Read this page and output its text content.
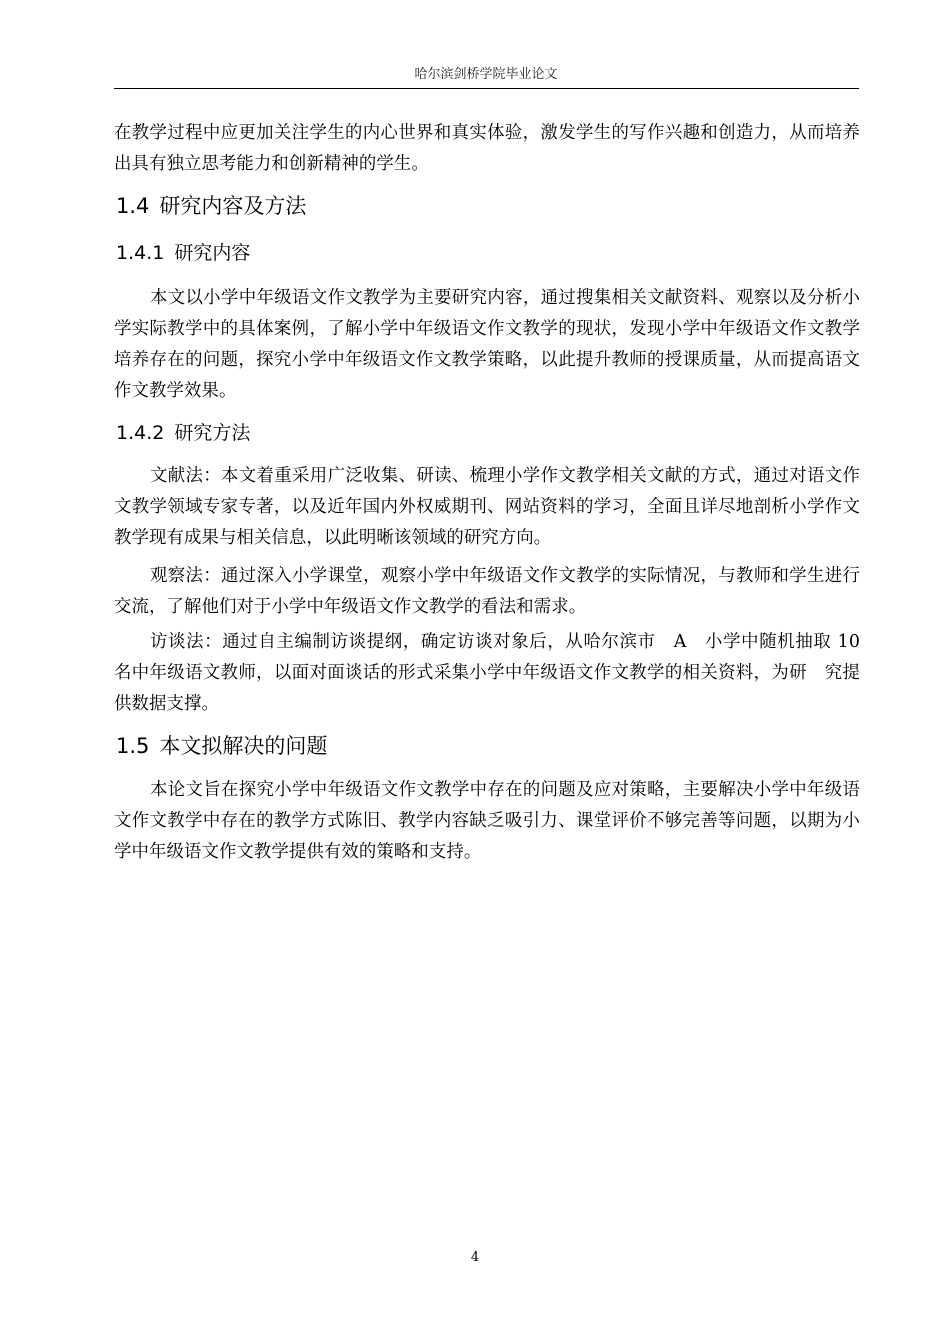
哈尔滨剑桥学院毕业论文

在教学过程中应更加关注学生的内心世界和真实体验，激发学生的写作兴趣和创造力，从而培养出具有独立思考能力和创新精神的学生。

1.4 研究内容及方法
1.4.1 研究内容

本文以小学中年级语文作文教学为主要研究内容，通过搜集相关文献资料、观察以及分析小学实际教学中的具体案例，了解小学中年级语文作文教学的现状，发现小学中年级语文作文教学培养存在的问题，探究小学中年级语文作文教学策略，以此提升教师的授课质量，从而提高语文作文教学效果。

1.4.2 研究方法

文献法：本文着重采用广泛收集、研读、梳理小学作文教学相关文献的方式，通过对语文作文教学领域专家专著，以及近年国内外权威期刊、网站资料的学习，全面且详尽地剖析小学作文教学现有成果与相关信息，以此明晰该领域的研究方向。

观察法：通过深入小学课堂，观察小学中年级语文作文教学的实际情况，与教师和学生进行交流，了解他们对于小学中年级语文作文教学的看法和需求。

访谈法：通过自主编制访谈提纲，确定访谈对象后，从哈尔滨市　A　小学中随机抽取 10 名中年级语文教师，以面对面谈话的形式采集小学中年级语文作文教学的相关资料，为研　究提供数据支撑。

1.5 本文拟解决的问题

本论文旨在探究小学中年级语文作文教学中存在的问题及应对策略，主要解决小学中年级语文作文教学中存在的教学方式陈旧、教学内容缺乏吸引力、课堂评价不够完善等问题，以期为小学中年级语文作文教学提供有效的策略和支持。

4
